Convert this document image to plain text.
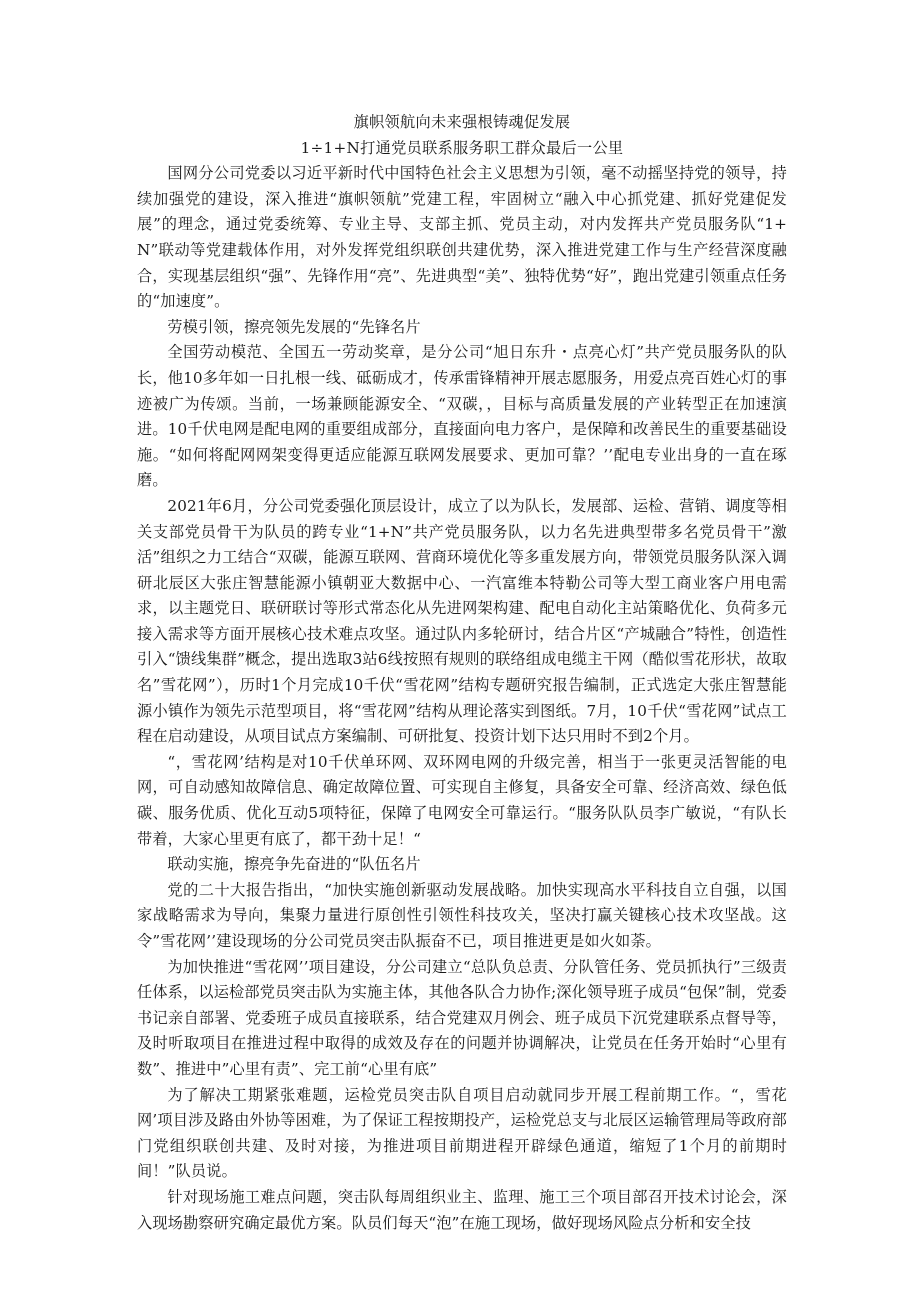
旗帜领航向未来强根铸魂促发展

1÷1+N打通党员联系服务职工群众最后一公里

国网分公司党委以习近平新时代中国特色社会主义思想为引领，毫不动摇坚持党的领导，持续加强党的建设，深入推进“旗帜领航”党建工程，牢固树立“融入中心抓党建、抓好党建促发展”的理念，通过党委统筹、专业主导、支部主抓、党员主动，对内发挥共产党员服务队“1+N”联动等党建载体作用，对外发挥党组织联创共建优势，深入推进党建工作与生产经营深度融合，实现基层组织“强”、先锋作用“亮”、先进典型“美”、独特优势“好”，跑出党建引领重点任务的“加速度”。

劳模引领，擦亮领先发展的“先锋名片

全国劳动模范、全国五一劳动奖章，是分公司“旭日东升・点亮心灯”共产党员服务队的队长，他10多年如一日扎根一线、砥砺成才，传承雷锋精神开展志愿服务，用爱点亮百姓心灯的事迹被广为传颂。当前，一场兼顾能源安全、“双碳，，目标与高质量发展的产业转型正在加速演进。10千伏电网是配电网的重要组成部分，直接面向电力客户，是保障和改善民生的重要基础设施。“如何将配网网架变得更适应能源互联网发展要求、更加可靠？’’配电专业出身的一直在琢磨。

2021年6月，分公司党委强化顶层设计，成立了以为队长，发展部、运检、营销、调度等相关支部党员骨干为队员的跨专业“1+N”共产党员服务队，以力名先进典型带多名党员骨干”激活”组织之力工结合“双碳，能源互联网、营商环境优化等多重发展方向，带领党员服务队深入调研北辰区大张庄智慧能源小镇朝亚大数据中心、一汽富维本特勒公司等大型工商业客户用电需求，以主题党日、联研联讨等形式常态化从先进网架构建、配电自动化主站策略优化、负荷多元接入需求等方面开展核心技术难点攻坚。通过队内多轮研讨，结合片区“产城融合”特性，创造性引入“馈线集群”概念，提出选取3站6线按照有规则的联络组成电缆主干网（酷似雪花形状，故取名”雪花网”），历时1个月完成10千伏“雪花网”结构专题研究报告编制，正式选定大张庄智慧能源小镇作为领先示范型项目，将“雪花网”结构从理论落实到图纸。7月，10千伏“雪花网”试点工程在启动建设，从项目试点方案编制、可研批复、投资计划下达只用时不到2个月。

“，雪花网’结构是对10千伏单环网、双环网电网的升级完善，相当于一张更灵活智能的电网，可自动感知故障信息、确定故障位置、可实现自主修复，具备安全可靠、经济高效、绿色低碳、服务优质、优化互动5项特征，保障了电网安全可靠运行。“服务队队员李广敏说，“有队长带着，大家心里更有底了，都干劲十足！“

联动实施，擦亮争先奋进的“队伍名片

党的二十大报告指出，“加快实施创新驱动发展战略。加快实现高水平科技自立自强，以国家战略需求为导向，集聚力量进行原创性引领性科技攻关，坚决打赢关键核心技术攻坚战。这令”雪花网’’建设现场的分公司党员突击队振奋不已，项目推进更是如火如荼。

为加快推进“雪花网’’项目建设，分公司建立“总队负总责、分队管任务、党员抓执行”三级责任体系，以运检部党员突击队为实施主体，其他各队合力协作;深化领导班子成员“包保”制，党委书记亲自部署、党委班子成员直接联系，结合党建双月例会、班子成员下沉党建联系点督导等，及时听取项目在推进过程中取得的成效及存在的问题并协调解决，让党员在任务开始时“心里有数”、推进中”心里有责”、完工前“心里有底”

为了解决工期紧张难题，运检党员突击队自项目启动就同步开展工程前期工作。“，雪花网’项目涉及路由外协等困难，为了保证工程按期投产，运检党总支与北辰区运输管理局等政府部门党组织联创共建、及时对接，为推进项目前期进程开辟绿色通道，缩短了1个月的前期时间！”队员说。

针对现场施工难点问题，突击队每周组织业主、监理、施工三个项目部召开技术讨论会，深入现场勘察研究确定最优方案。队员们每天“泡”在施工现场，做好现场风险点分析和安全技
